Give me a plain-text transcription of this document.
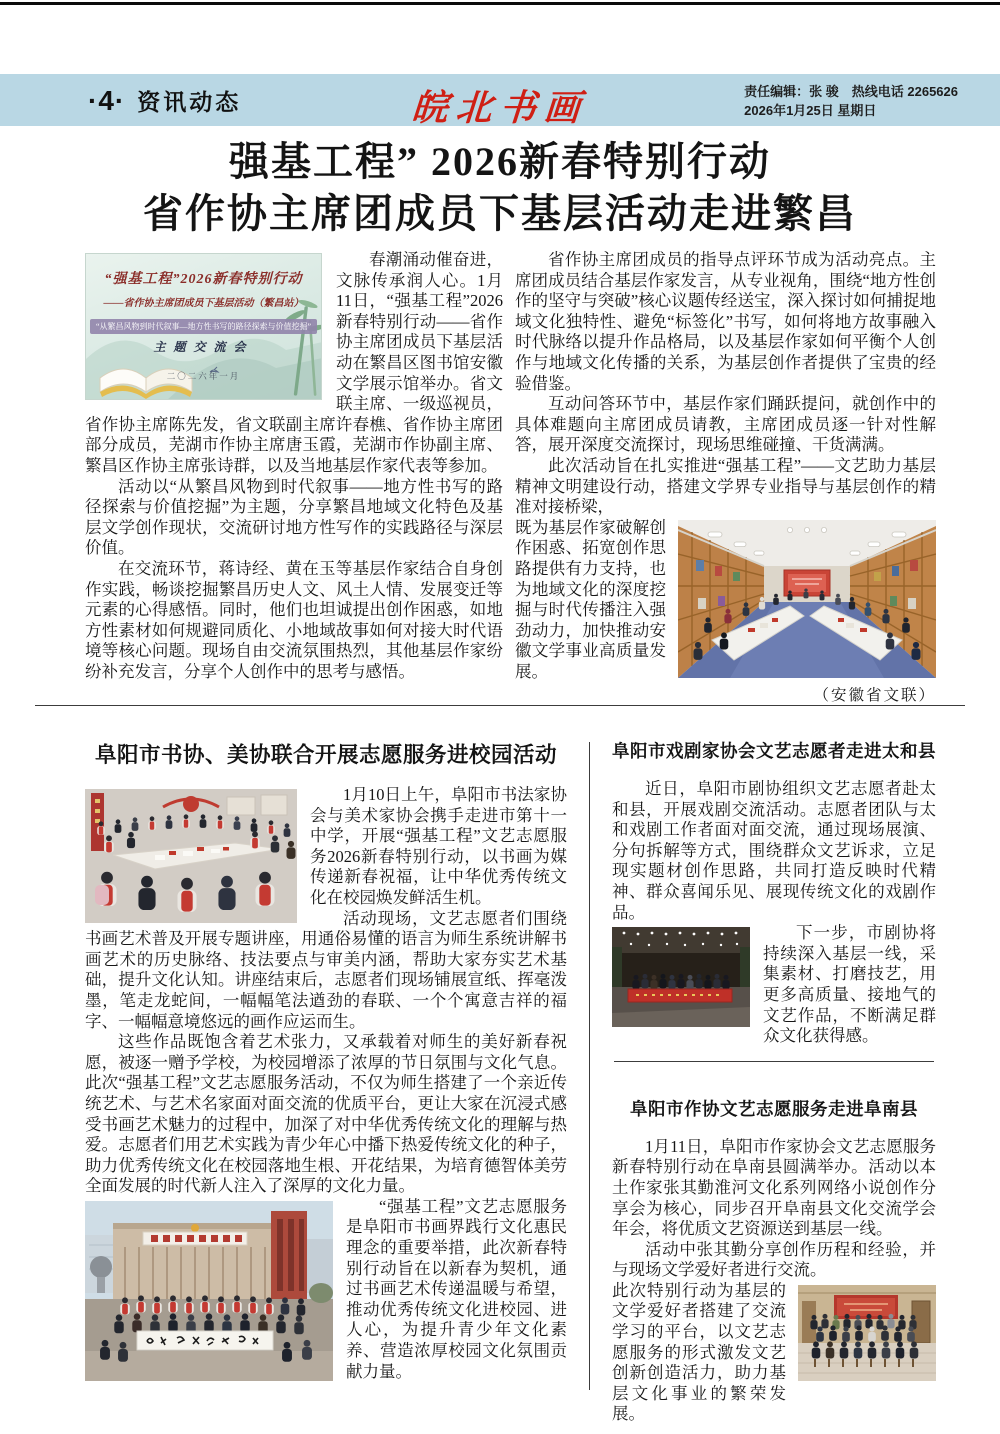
·4· 资讯动态	皖北书画	责任编辑：张 骏　热线电话 2265626
2026年1月25日 星期日
强基工程” 2026新春特别行动
省作协主席团成员下基层活动走进繁昌
“强基工程”2026新春特别行动
——省作协主席团成员下基层活动（繁昌站）
“从繁昌风物到时代叙事—地方性书写的路径探索与价值挖掘”
主题交流会
二〇二六年一月

春潮涌动催奋进，文脉传承润人心。1月11日，“强基工程”2026新春特别行动——省作协主席团成员下基层活动在繁昌区图书馆安徽文学展示馆举办。省文联主席、一级巡视员，省作协主席陈先发，省文联副主席许春樵、省作协主席团部分成员，芜湖市作协主席唐玉霞，芜湖市作协副主席、繁昌区作协主席张诗群，以及当地基层作家代表等参加。

活动以“从繁昌风物到时代叙事——地方性书写的路径探索与价值挖掘”为主题，分享繁昌地域文化特色及基层文学创作现状，交流研讨地方性写作的实践路径与深层价值。

在交流环节，蒋诗经、黄在玉等基层作家结合自身创作实践，畅谈挖掘繁昌历史人文、风土人情、发展变迁等元素的心得感悟。同时，他们也坦诚提出创作困惑，如地方性素材如何规避同质化、小地域故事如何对接大时代语境等核心问题。现场自由交流氛围热烈，其他基层作家纷纷补充发言，分享个人创作中的思考与感悟。

省作协主席团成员的指导点评环节成为活动亮点。主席团成员结合基层作家发言，从专业视角，围绕“地方性创作的坚守与突破”核心议题传经送宝，深入探讨如何捕捉地域文化独特性、避免“标签化”书写，如何将地方故事融入时代脉络以提升作品格局，以及基层作家如何平衡个人创作与地域文化传播的关系，为基层创作者提供了宝贵的经验借鉴。

互动问答环节中，基层作家们踊跃提问，就创作中的具体难题向主席团成员请教，主席团成员逐一针对性解答，展开深度交流探讨，现场思维碰撞、干货满满。

此次活动旨在扎实推进“强基工程”——文艺助力基层精神文明建设行动，搭建文学界专业指导与基层创作的精准对接桥梁，

（安徽省文联）
既为基层作家破解创作困惑、拓宽创作思路提供有力支持，也为地域文化的深度挖掘与时代传播注入强劲动力，加快推动安徽文学事业高质量发展。

阜阳市书协、美协联合开展志愿服务进校园活动

1月10日上午，阜阳市书法家协会与美术家协会携手走进市第十一中学，开展“强基工程”文艺志愿服务2026新春特别行动，以书画为媒传递新春祝福，让中华优秀传统文化在校园焕发鲜活生机。

活动现场，文艺志愿者们围绕书画艺术普及开展专题讲座，用通俗易懂的语言为师生系统讲解书画艺术的历史脉络、技法要点与审美内涵，帮助大家夯实艺术基础，提升文化认知。讲座结束后，志愿者们现场铺展宣纸、挥毫泼墨，笔走龙蛇间，一幅幅笔法遒劲的春联、一个个寓意吉祥的福字、一幅幅意境悠远的画作应运而生。

这些作品既饱含着艺术张力，又承载着对师生的美好新春祝愿，被逐一赠予学校，为校园增添了浓厚的节日氛围与文化气息。此次“强基工程”文艺志愿服务活动，不仅为师生搭建了一个亲近传统艺术、与艺术名家面对面交流的优质平台，更让大家在沉浸式感受书画艺术魅力的过程中，加深了对中华优秀传统文化的理解与热爱。志愿者们用艺术实践为青少年心中播下热爱传统文化的种子，助力优秀传统文化在校园落地生根、开花结果，为培育德智体美劳全面发展的时代新人注入了深厚的文化力量。

“强基工程”文艺志愿服务是阜阳市书画界践行文化惠民理念的重要举措，此次新春特别行动旨在以新春为契机，通过书画艺术传递温暖与希望，推动优秀传统文化进校园、进人心，为提升青少年文化素养、营造浓厚校园文化氛围贡献力量。

阜阳市戏剧家协会文艺志愿者走进太和县

近日，阜阳市剧协组织文艺志愿者赴太和县，开展戏剧交流活动。志愿者团队与太和戏剧工作者面对面交流，通过现场展演、分句拆解等方式，围绕群众文艺诉求，立足现实题材创作思路，共同打造反映时代精神、群众喜闻乐见、展现传统文化的戏剧作品。

下一步，市剧协将持续深入基层一线，采集素材、打磨技艺，用更多高质量、接地气的文艺作品，不断满足群众文化获得感。

阜阳市作协文艺志愿服务走进阜南县

1月11日，阜阳市作家协会文艺志愿服务新春特别行动在阜南县圆满举办。活动以本土作家张其勤淮河文化系列网络小说创作分享会为核心，同步召开阜南县文化交流学会年会，将优质文艺资源送到基层一线。

活动中张其勤分享创作历程和经验，并与现场文学爱好者进行交流。

此次特别行动为基层的文学爱好者搭建了交流学习的平台，以文艺志愿服务的形式激发文艺创新创造活力，助力基层文化事业的繁荣发展。
